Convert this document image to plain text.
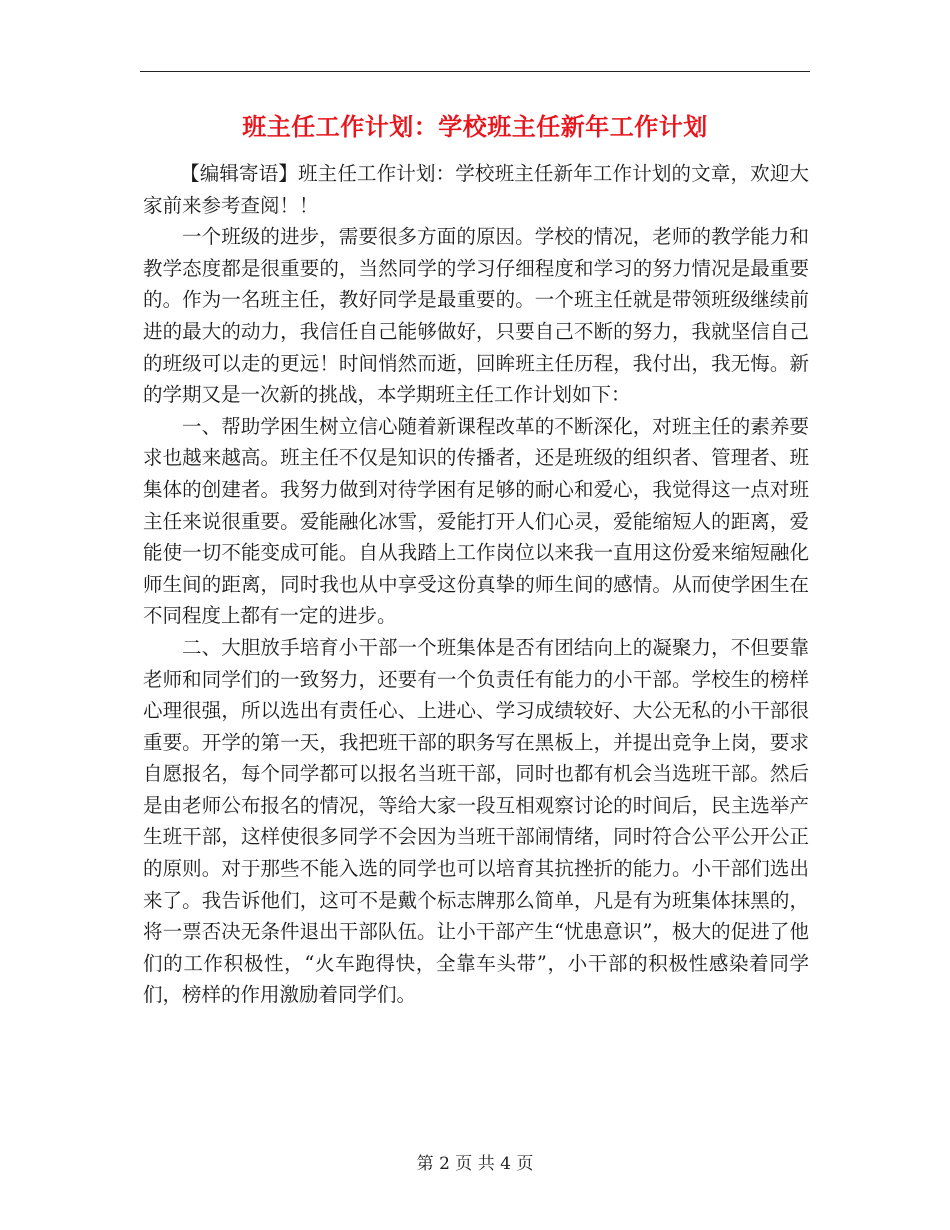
班主任工作计划：学校班主任新年工作计划

【编辑寄语】班主任工作计划：学校班主任新年工作计划的文章，欢迎大家前来参考查阅！！

一个班级的进步，需要很多方面的原因。学校的情况，老师的教学能力和教学态度都是很重要的，当然同学的学习仔细程度和学习的努力情况是最重要的。作为一名班主任，教好同学是最重要的。一个班主任就是带领班级继续前进的最大的动力，我信任自己能够做好，只要自己不断的努力，我就坚信自己的班级可以走的更远！时间悄然而逝，回眸班主任历程，我付出，我无悔。新的学期又是一次新的挑战，本学期班主任工作计划如下：

一、帮助学困生树立信心随着新课程改革的不断深化，对班主任的素养要求也越来越高。班主任不仅是知识的传播者，还是班级的组织者、管理者、班集体的创建者。我努力做到对待学困有足够的耐心和爱心，我觉得这一点对班主任来说很重要。爱能融化冰雪，爱能打开人们心灵，爱能缩短人的距离，爱能使一切不能变成可能。自从我踏上工作岗位以来我一直用这份爱来缩短融化师生间的距离，同时我也从中享受这份真挚的师生间的感情。从而使学困生在不同程度上都有一定的进步。

二、大胆放手培育小干部一个班集体是否有团结向上的凝聚力，不但要靠老师和同学们的一致努力，还要有一个负责任有能力的小干部。学校生的榜样心理很强，所以选出有责任心、上进心、学习成绩较好、大公无私的小干部很重要。开学的第一天，我把班干部的职务写在黑板上，并提出竞争上岗，要求自愿报名，每个同学都可以报名当班干部，同时也都有机会当选班干部。然后是由老师公布报名的情况，等给大家一段互相观察讨论的时间后，民主选举产生班干部，这样使很多同学不会因为当班干部闹情绪，同时符合公平公开公正的原则。对于那些不能入选的同学也可以培育其抗挫折的能力。小干部们选出来了。我告诉他们，这可不是戴个标志牌那么简单，凡是有为班集体抹黑的，将一票否决无条件退出干部队伍。让小干部产生“忧患意识”，极大的促进了他们的工作积极性，“火车跑得快，全靠车头带”，小干部的积极性感染着同学们，榜样的作用激励着同学们。

第 2 页 共 4 页
